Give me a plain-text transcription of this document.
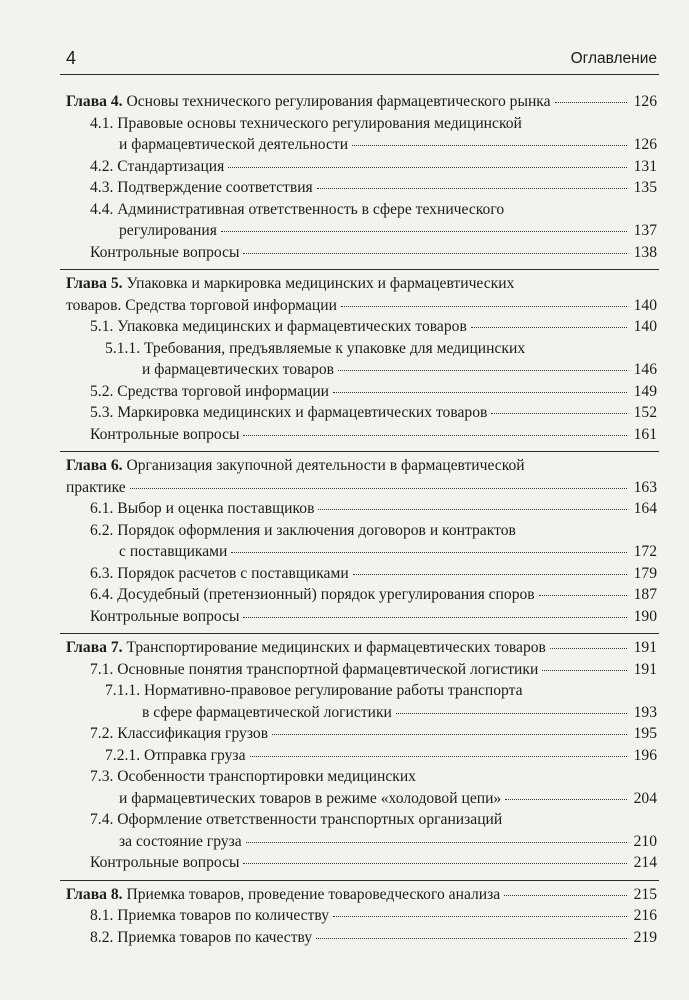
4	Оглавление
Глава 4. Основы технического регулирования фармацевтического рынка	126
4.1. Правовые основы технического регулирования медицинской
и фармацевтической деятельности	126
4.2. Стандартизация	131
4.3. Подтверждение соответствия	135
4.4. Административная ответственность в сфере технического
регулирования	137
Контрольные вопросы	138
Глава 5. Упаковка и маркировка медицинских и фармацевтических
товаров. Средства торговой информации	140
5.1. Упаковка медицинских и фармацевтических товаров	140
5.1.1. Требования, предъявляемые к упаковке для медицинских
и фармацевтических товаров	146
5.2. Средства торговой информации	149
5.3. Маркировка медицинских и фармацевтических товаров	152
Контрольные вопросы	161
Глава 6. Организация закупочной деятельности в фармацевтической
практике	163
6.1. Выбор и оценка поставщиков	164
6.2. Порядок оформления и заключения договоров и контрактов
с поставщиками	172
6.3. Порядок расчетов с поставщиками	179
6.4. Досудебный (претензионный) порядок урегулирования споров	187
Контрольные вопросы	190
Глава 7. Транспортирование медицинских и фармацевтических товаров	191
7.1. Основные понятия транспортной фармацевтической логистики	191
7.1.1. Нормативно-правовое регулирование работы транспорта
в сфере фармацевтической логистики	193
7.2. Классификация грузов	195
7.2.1. Отправка груза	196
7.3. Особенности транспортировки медицинских
и фармацевтических товаров в режиме «холодовой цепи»	204
7.4. Оформление ответственности транспортных организаций
за состояние груза	210
Контрольные вопросы	214
Глава 8. Приемка товаров, проведение товароведческого анализа	215
8.1. Приемка товаров по количеству	216
8.2. Приемка товаров по качеству	219
